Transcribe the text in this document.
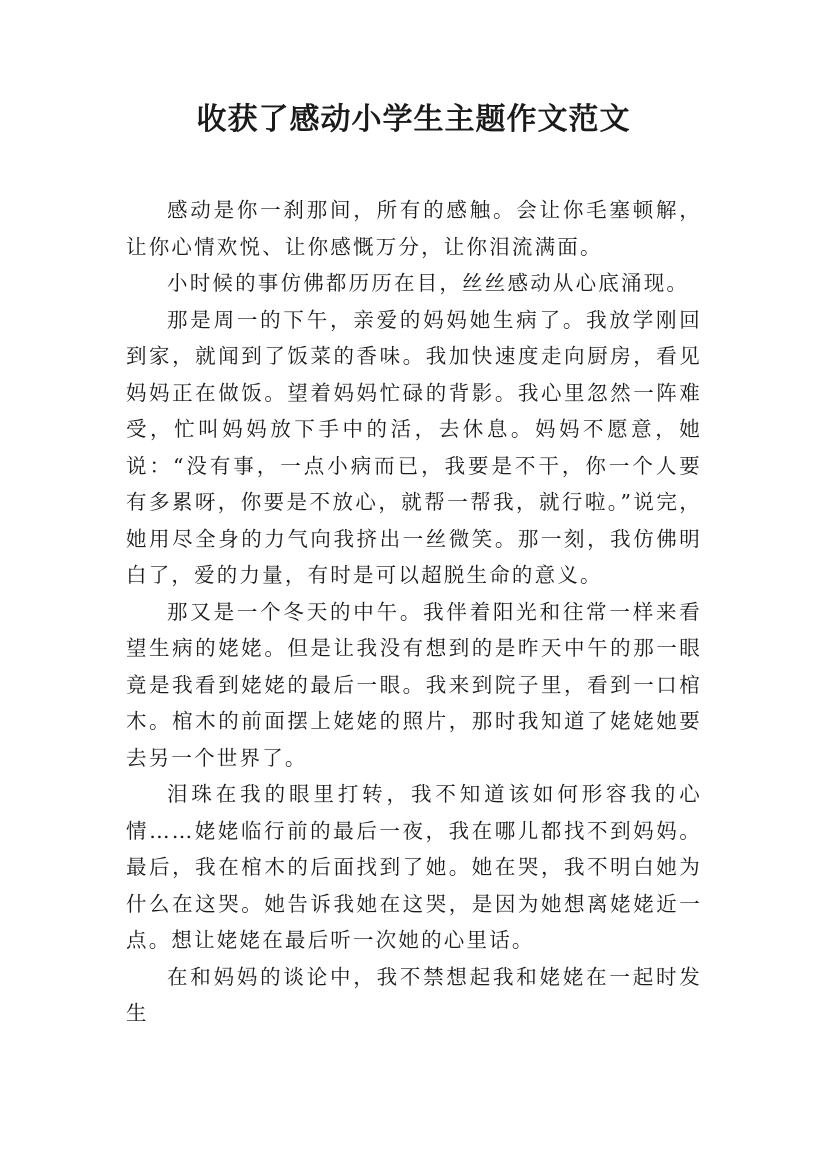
收获了感动小学生主题作文范文

感动是你一刹那间，所有的感触。会让你毛塞顿解，让你心情欢悦、让你感慨万分，让你泪流满面。

小时候的事仿佛都历历在目，丝丝感动从心底涌现。

那是周一的下午，亲爱的妈妈她生病了。我放学刚回到家，就闻到了饭菜的香味。我加快速度走向厨房，看见妈妈正在做饭。望着妈妈忙碌的背影。我心里忽然一阵难受，忙叫妈妈放下手中的活，去休息。妈妈不愿意，她说：“没有事，一点小病而已，我要是不干，你一个人要有多累呀，你要是不放心，就帮一帮我，就行啦。”说完，她用尽全身的力气向我挤出一丝微笑。那一刻，我仿佛明白了，爱的力量，有时是可以超脱生命的意义。

那又是一个冬天的中午。我伴着阳光和往常一样来看望生病的姥姥。但是让我没有想到的是昨天中午的那一眼竟是我看到姥姥的最后一眼。我来到院子里，看到一口棺木。棺木的前面摆上姥姥的照片，那时我知道了姥姥她要去另一个世界了。

泪珠在我的眼里打转，我不知道该如何形容我的心情……姥姥临行前的最后一夜，我在哪儿都找不到妈妈。最后，我在棺木的后面找到了她。她在哭，我不明白她为什么在这哭。她告诉我她在这哭，是因为她想离姥姥近一点。想让姥姥在最后听一次她的心里话。

在和妈妈的谈论中，我不禁想起我和姥姥在一起时发生
